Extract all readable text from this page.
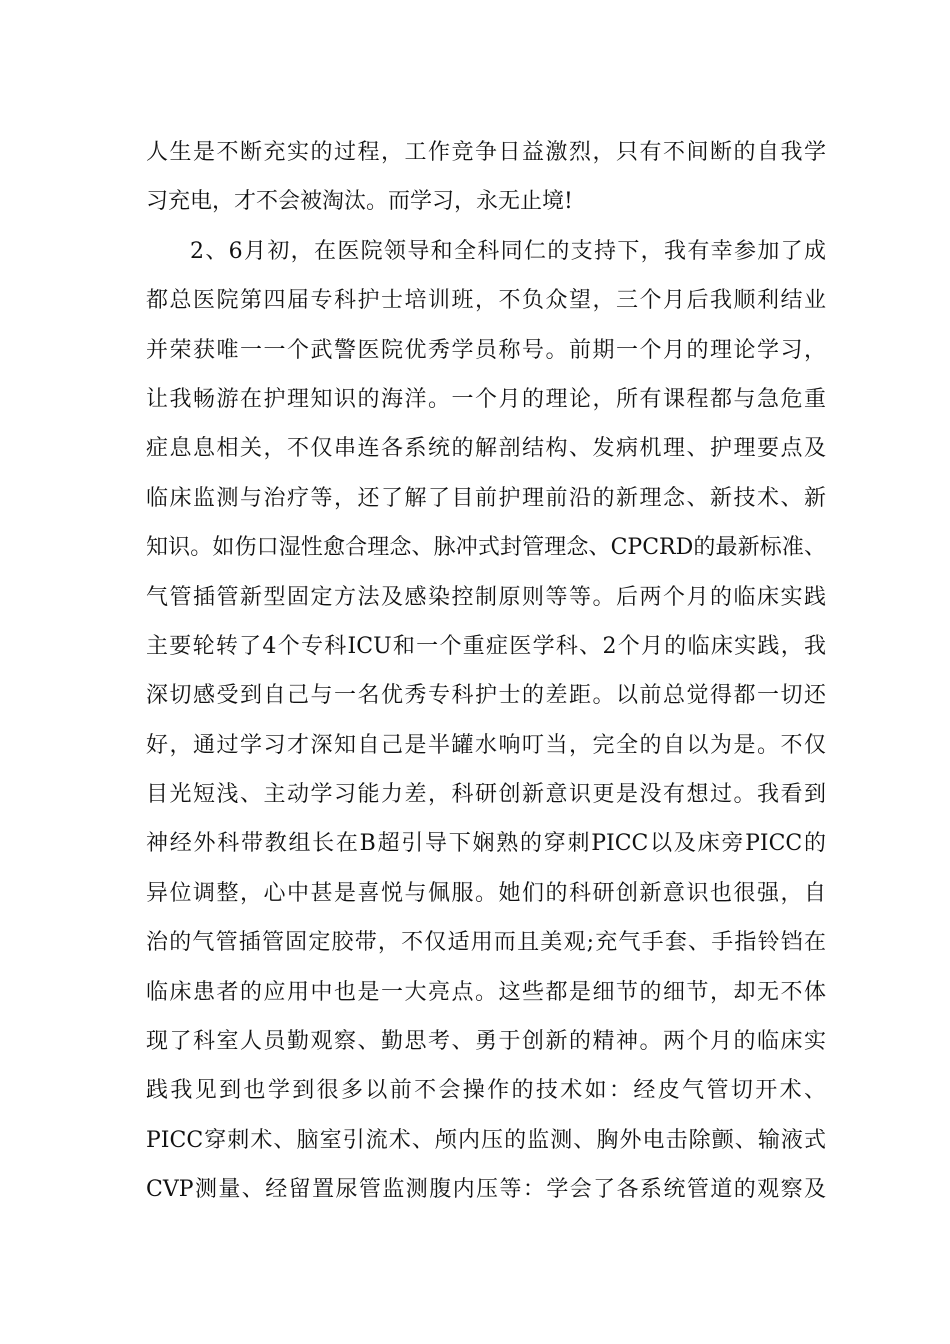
人生是不断充实的过程，工作竞争日益激烈，只有不间断的自我学
习充电，才不会被淘汰。而学习，永无止境!
2、6月初，在医院领导和全科同仁的支持下，我有幸参加了成
都总医院第四届专科护士培训班，不负众望，三个月后我顺利结业
并荣获唯一一个武警医院优秀学员称号。前期一个月的理论学习，
让我畅游在护理知识的海洋。一个月的理论，所有课程都与急危重
症息息相关，不仅串连各系统的解剖结构、发病机理、护理要点及
临床监测与治疗等，还了解了目前护理前沿的新理念、新技术、新
知识。如伤口湿性愈合理念、脉冲式封管理念、CPCRD的最新标准、
气管插管新型固定方法及感染控制原则等等。后两个月的临床实践
主要轮转了4个专科ICU和一个重症医学科、2个月的临床实践，我
深切感受到自己与一名优秀专科护士的差距。以前总觉得都一切还
好，通过学习才深知自己是半罐水响叮当，完全的自以为是。不仅
目光短浅、主动学习能力差，科研创新意识更是没有想过。我看到
神经外科带教组长在B超引导下娴熟的穿刺PICC以及床旁PICC的
异位调整，心中甚是喜悦与佩服。她们的科研创新意识也很强，自
治的气管插管固定胶带，不仅适用而且美观;充气手套、手指铃铛在
临床患者的应用中也是一大亮点。这些都是细节的细节，却无不体
现了科室人员勤观察、勤思考、勇于创新的精神。两个月的临床实
践我见到也学到很多以前不会操作的技术如：经皮气管切开术、
PICC穿刺术、脑室引流术、颅内压的监测、胸外电击除颤、输液式
CVP测量、经留置尿管监测腹内压等：学会了各系统管道的观察及
